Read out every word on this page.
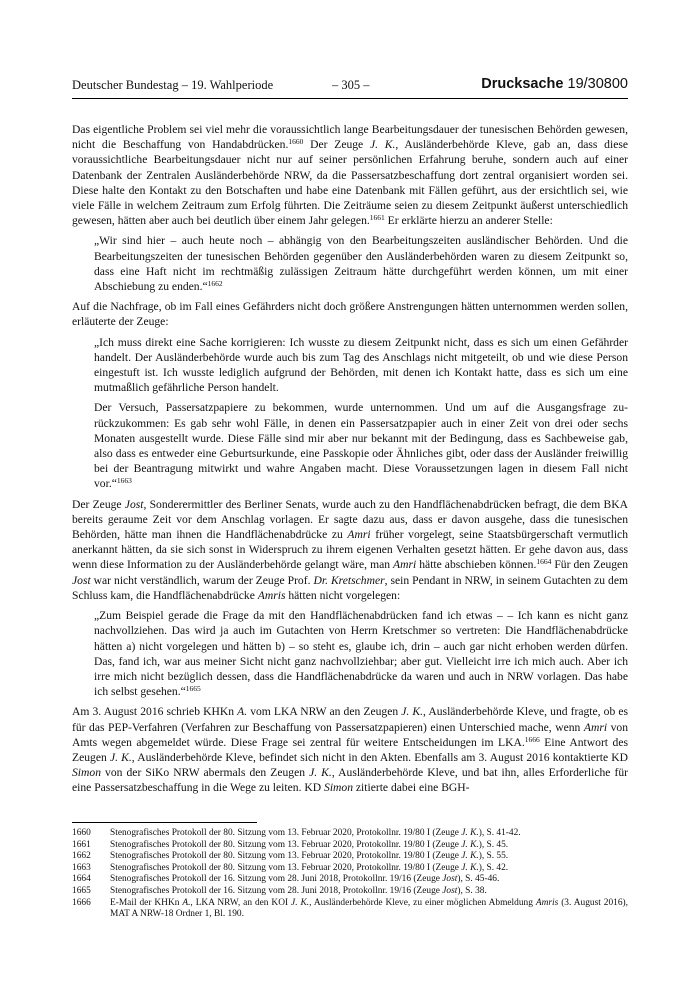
Deutscher Bundestag – 19. Wahlperiode	– 305 –	Drucksache 19/30800

Das eigentliche Problem sei viel mehr die voraussichtlich lange Bearbeitungsdauer der tunesischen Behörden gewesen, nicht die Beschaffung von Handabdrücken.$^{1660}$ Der Zeuge J. K., Ausländerbehörde Kleve, gab an, dass diese voraussichtliche Bearbeitungsdauer nicht nur auf seiner persönlichen Erfahrung beruhe, sondern auch auf einer Datenbank der Zentralen Ausländerbehörde NRW, da die Passersatzbeschaffung dort zentral organisiert worden sei. Diese halte den Kontakt zu den Botschaften und habe eine Datenbank mit Fällen geführt, aus der ersichtlich sei, wie viele Fälle in welchem Zeitraum zum Erfolg führten. Die Zeiträume seien zu diesem Zeitpunkt äußerst unterschiedlich gewesen, hätten aber auch bei deutlich über einem Jahr gelegen.$^{1661}$ Er erklärte hierzu an anderer Stelle:

„Wir sind hier – auch heute noch – abhängig von den Bearbeitungszeiten ausländischer Behörden. Und die Bearbeitungszeiten der tunesischen Behörden gegenüber den Ausländerbehörden waren zu diesem Zeitpunkt so, dass eine Haft nicht im rechtmäßig zulässigen Zeitraum hätte durchgeführt werden können, um mit einer Abschiebung zu enden.“$^{1662}$

Auf die Nachfrage, ob im Fall eines Gefährders nicht doch größere Anstrengungen hätten unternommen werden sollen, erläuterte der Zeuge:

„Ich muss direkt eine Sache korrigieren: Ich wusste zu diesem Zeitpunkt nicht, dass es sich um einen Gefährder handelt. Der Ausländerbehörde wurde auch bis zum Tag des Anschlags nicht mitgeteilt, ob und wie diese Person eingestuft ist. Ich wusste lediglich aufgrund der Behörden, mit denen ich Kontakt hatte, dass es sich um eine mutmaßlich gefährliche Person handelt.

Der Versuch, Passersatzpapiere zu bekommen, wurde unternommen. Und um auf die Ausgangsfrage zurückzukommen: Es gab sehr wohl Fälle, in denen ein Passersatzpapier auch in einer Zeit von drei oder sechs Monaten ausgestellt wurde. Diese Fälle sind mir aber nur bekannt mit der Bedingung, dass es Sachbeweise gab, also dass es entweder eine Geburtsurkunde, eine Passkopie oder Ähnliches gibt, oder dass der Ausländer freiwillig bei der Beantragung mitwirkt und wahre Angaben macht. Diese Voraussetzungen lagen in diesem Fall nicht vor.“$^{1663}$

Der Zeuge Jost, Sonderermittler des Berliner Senats, wurde auch zu den Handflächenabdrücken befragt, die dem BKA bereits geraume Zeit vor dem Anschlag vorlagen. Er sagte dazu aus, dass er davon ausgehe, dass die tunesischen Behörden, hätte man ihnen die Handflächenabdrücke zu Amri früher vorgelegt, seine Staatsbürgerschaft vermutlich anerkannt hätten, da sie sich sonst in Widerspruch zu ihrem eigenen Verhalten gesetzt hätten. Er gehe davon aus, dass wenn diese Information zu der Ausländerbehörde gelangt wäre, man Amri hätte abschieben können.$^{1664}$ Für den Zeugen Jost war nicht verständlich, warum der Zeuge Prof. Dr. Kretschmer, sein Pendant in NRW, in seinem Gutachten zu dem Schluss kam, die Handflächenabdrücke Amris hätten nicht vorgelegen:

„Zum Beispiel gerade die Frage da mit den Handflächenabdrücken fand ich etwas – – Ich kann es nicht ganz nachvollziehen. Das wird ja auch im Gutachten von Herrn Kretschmer so vertreten: Die Handflächenabdrücke hätten a) nicht vorgelegen und hätten b) – so steht es, glaube ich, drin – auch gar nicht erhoben werden dürfen. Das, fand ich, war aus meiner Sicht nicht ganz nachvollziehbar; aber gut. Vielleicht irre ich mich auch. Aber ich irre mich nicht bezüglich dessen, dass die Handflächenabdrücke da waren und auch in NRW vorlagen. Das habe ich selbst gesehen.“$^{1665}$

Am 3. August 2016 schrieb KHKn A. vom LKA NRW an den Zeugen J. K., Ausländerbehörde Kleve, und fragte, ob es für das PEP-Verfahren (Verfahren zur Beschaffung von Passersatzpapieren) einen Unterschied mache, wenn Amri von Amts wegen abgemeldet würde. Diese Frage sei zentral für weitere Entscheidungen im LKA.$^{1666}$ Eine Antwort des Zeugen J. K., Ausländerbehörde Kleve, befindet sich nicht in den Akten. Ebenfalls am 3. August 2016 kontaktierte KD Simon von der SiKo NRW abermals den Zeugen J. K., Ausländerbehörde Kleve, und bat ihn, alles Erforderliche für eine Passersatzbeschaffung in die Wege zu leiten. KD Simon zitierte dabei eine BGH-

1660	Stenografisches Protokoll der 80. Sitzung vom 13. Februar 2020, Protokollnr. 19/80 I (Zeuge J. K.), S. 41-42.
1661	Stenografisches Protokoll der 80. Sitzung vom 13. Februar 2020, Protokollnr. 19/80 I (Zeuge J. K.), S. 45.
1662	Stenografisches Protokoll der 80. Sitzung vom 13. Februar 2020, Protokollnr. 19/80 I (Zeuge J. K.), S. 55.
1663	Stenografisches Protokoll der 80. Sitzung vom 13. Februar 2020, Protokollnr. 19/80 I (Zeuge J. K.), S. 42.
1664	Stenografisches Protokoll der 16. Sitzung vom 28. Juni 2018, Protokollnr. 19/16 (Zeuge Jost), S. 45-46.
1665	Stenografisches Protokoll der 16. Sitzung vom 28. Juni 2018, Protokollnr. 19/16 (Zeuge Jost), S. 38.
1666	E-Mail der KHKn A., LKA NRW, an den KOI J. K., Ausländerbehörde Kleve, zu einer möglichen Abmeldung Amris (3. August 2016), MAT A NRW-18 Ordner 1, Bl. 190.
